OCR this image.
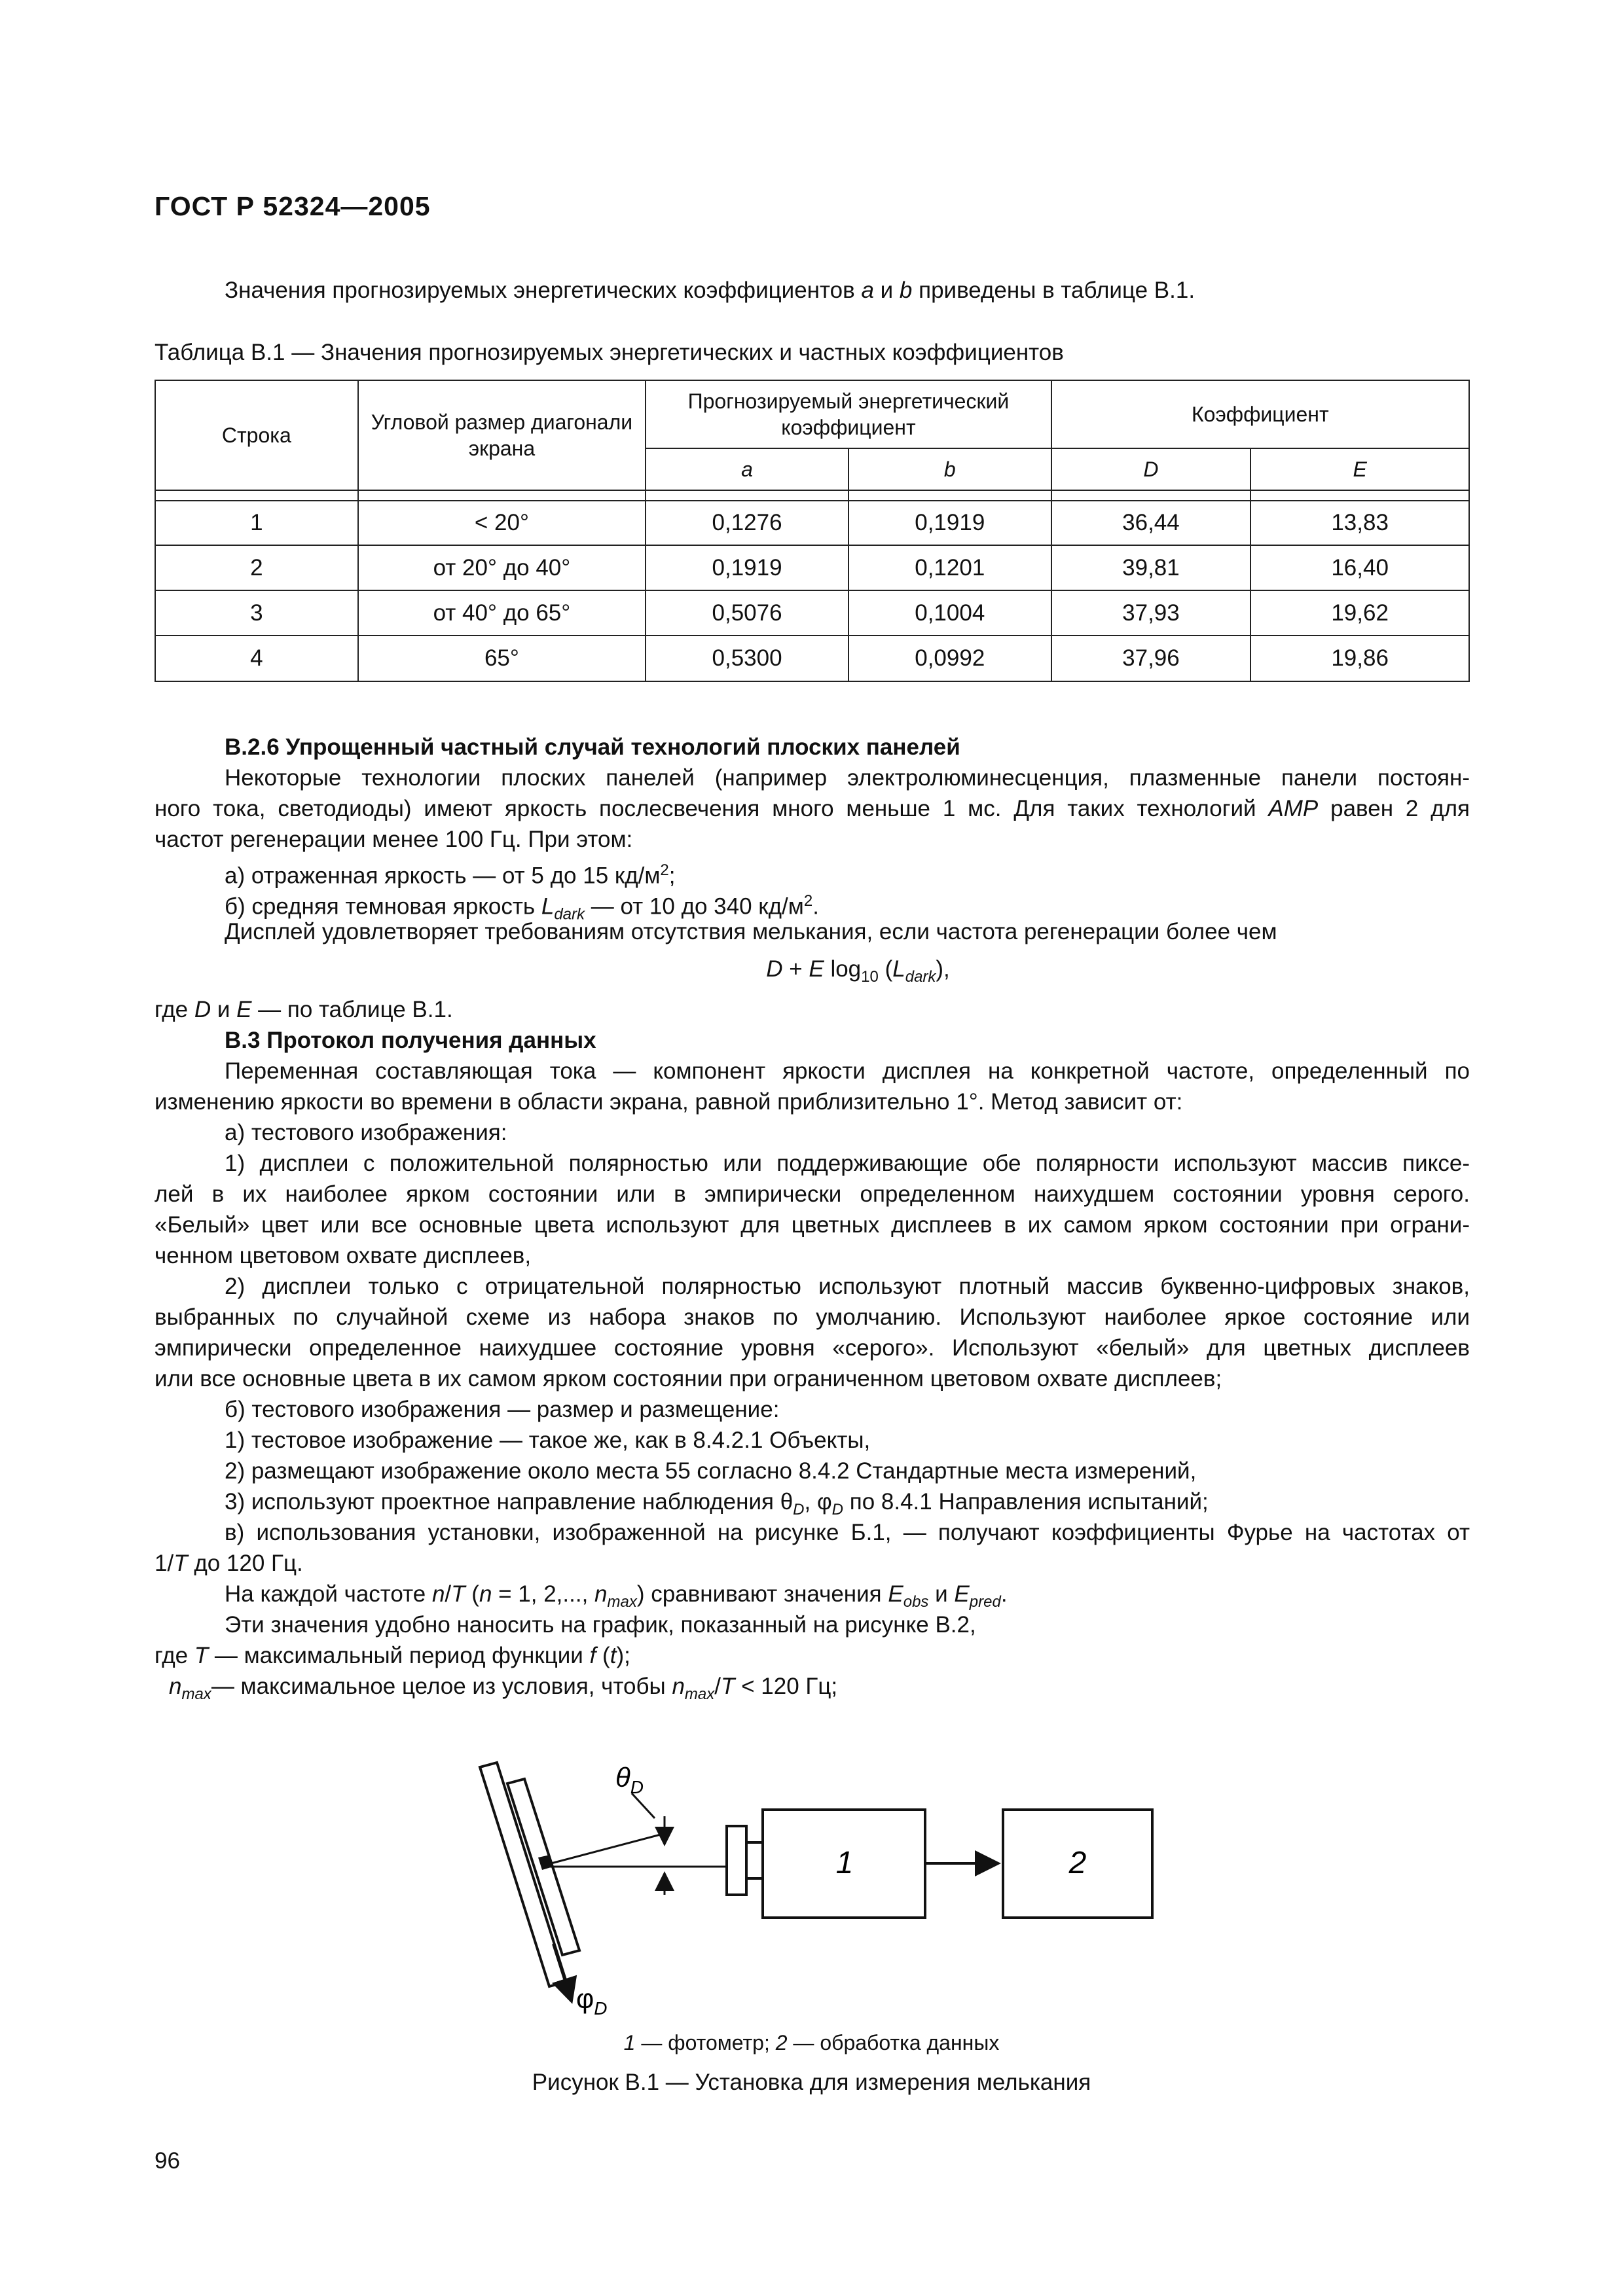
ГОСТ Р 52324—2005
Значения прогнозируемых энергетических коэффициентов a и b приведены в таблице В.1.
Таблица В.1 — Значения прогнозируемых энергетических и частных коэффициентов
Строка	Угловой размер диагонали экрана	Прогнозируемый энергетический коэффициент		Коэффициент	
		a	b	D	E

1	< 20°	0,1276	0,1919	36,44	13,83
2	от 20° до 40°	0,1919	0,1201	39,81	16,40
3	от 40° до 65°	0,5076	0,1004	37,93	19,62
4	65°	0,5300	0,0992	37,96	19,86
В.2.6 Упрощенный частный случай технологий плоских панелей
Некоторые технологии плоских панелей (например электролюминесценция, плазменные панели постоян-
ного тока, светодиоды) имеют яркость послесвечения много меньше 1 мс. Для таких технологий AMP равен 2 для
частот регенерации менее 100 Гц. При этом:
а) отраженная яркость — от 5 до 15 $кд/м^2$;
б) средняя темновая яркость $L_{dark}$ — от 10 до 340 $кд/м^2$.
Дисплей удовлетворяет требованиям отсутствия мелькания, если частота регенерации более чем
D + E $\log_{10} (L_{dark})$,
где D и E — по таблице В.1.
В.3 Протокол получения данных
Переменная составляющая тока — компонент яркости дисплея на конкретной частоте, определенный по
изменению яркости во времени в области экрана, равной приблизительно 1°. Метод зависит от:
а) тестового изображения:
1) дисплеи с положительной полярностью или поддерживающие обе полярности используют массив пиксе-
лей в их наиболее ярком состоянии или в эмпирически определенном наихудшем состоянии уровня серого.
«Белый» цвет или все основные цвета используют для цветных дисплеев в их самом ярком состоянии при ограни-
ченном цветовом охвате дисплеев,
2) дисплеи только с отрицательной полярностью используют плотный массив буквенно-цифровых знаков,
выбранных по случайной схеме из набора знаков по умолчанию. Используют наиболее яркое состояние или
эмпирически определенное наихудшее состояние уровня «серого». Используют «белый» для цветных дисплеев
или все основные цвета в их самом ярком состоянии при ограниченном цветовом охвате дисплеев;
б) тестового изображения — размер и размещение:
1) тестовое изображение — такое же, как в 8.4.2.1 Объекты,
2) размещают изображение около места 55 согласно 8.4.2 Стандартные места измерений,
3) используют проектное направление наблюдения $\theta_D$, $\varphi_D$ по 8.4.1 Направления испытаний;
в) использования установки, изображенной на рисунке Б.1, — получают коэффициенты Фурье на частотах от
1/T до 120 Гц.
На каждой частоте n/T (n = 1, 2,..., $n_{max}$) сравнивают значения $E_{obs}$ и $E_{pred}$.
Эти значения удобно наносить на график, показанный на рисунке В.2,
где T — максимальный период функции f (t);
$n_{max}—$ максимальное целое из условия, чтобы $n_{max}/T < 120$ Гц;
$\theta_D$
$\varphi_D$
1	2
1 — фотометр; 2 — обработка данных
Рисунок В.1 — Установка для измерения мелькания
96
